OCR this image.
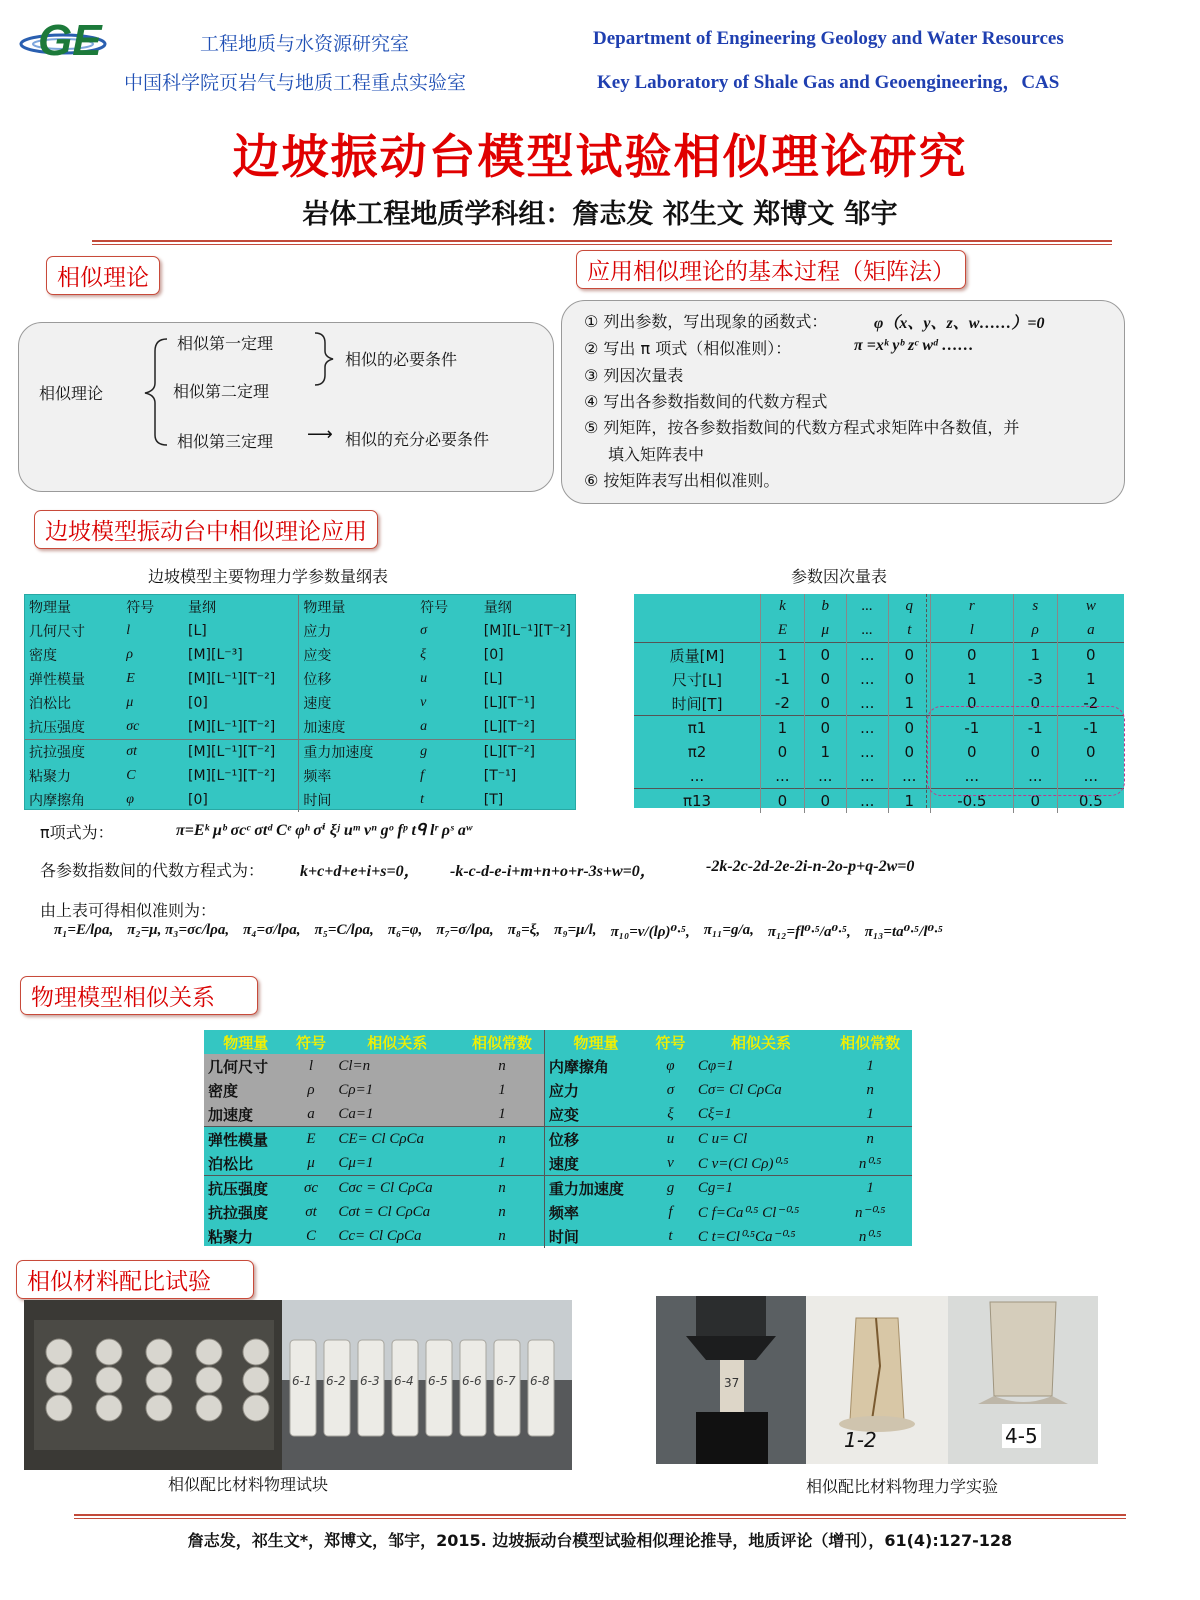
GE	工程地质与水资源研究室
中国科学院页岩气与地质工程重点实验室
Department of Engineering Geology and Water Resources
Key Laboratory of Shale Gas and Geoengineering，CAS
边坡振动台模型试验相似理论研究
岩体工程地质学科组：詹志发 祁生文 郑博文 邹宇
相似理论
相似理论
相似第一定理
相似第二定理
相似第三定理
相似的必要条件
⟶ 相似的充分必要条件
应用相似理论的基本过程（矩阵法）
① 列出参数，写出现象的函数式：	φ（x、y、z、w……）=0
② 写出 π 项式（相似准则）：	π =xᵏ yᵇ zᶜ wᵈ ……
③ 列因次量表
④ 写出各参数指数间的代数方程式
⑤ 列矩阵，按各参数指数间的代数方程式求矩阵中各数值，并
填入矩阵表中
⑥ 按矩阵表写出相似准则。
边坡模型振动台中相似理论应用
边坡模型主要物理力学参数量纲表
物理量	符号	量纲	物理量	符号	量纲
几何尺寸	l	[L]	应力	σ	[M][L⁻¹][T⁻²]
密度	ρ	[M][L⁻³]	应变	ξ	[0]
弹性模量	E	[M][L⁻¹][T⁻²]	位移	u	[L]
泊松比	μ	[0]	速度	v	[L][T⁻¹]
抗压强度	σc	[M][L⁻¹][T⁻²]	加速度	a	[L][T⁻²]
抗拉强度	σt	[M][L⁻¹][T⁻²]	重力加速度	g	[L][T⁻²]
粘聚力	C	[M][L⁻¹][T⁻²]	频率	f	[T⁻¹]
内摩擦角	φ	[0]	时间	t	[T]
参数因次量表
	k	b	...	q	r	s	w
	E	μ	...	t	l	ρ	a
质量[M]	1	0	...	0	0	1	0
尺寸[L]	-1	0	...	0	1	-3	1
时间[T]	-2	0	...	1	0	0	-2
π1	1	0	...	0	-1	-1	-1
π2	0	1	...	0	0	0	0
...	...	...	...	...	...	...	...
π13	0	0	...	1	-0.5	0	0.5
π项式为：	π=Eᵏ μᵇ σcᶜ σtᵈ Cᵉ φʰ σⁱ ξʲ uᵐ vⁿ gᵒ fᵖ tᑫ lʳ ρˢ aʷ
各参数指数间的代数方程式为： k+c+d+e+i+s=0， -k-c-d-e-i+m+n+o+r-3s+w=0，	-2k-2c-2d-2e-2i-n-2o-p+q-2w=0
由上表可得相似准则为：
π₁=E/lρa, π₂=μ, π₃=σc/lρa, π₄=σ/lρa, π₅=C/lρa, π₆=φ, π₇=σ/lρa, π₈=ξ, π₉=μ/l, π₁₀=v/(lρ)⁰·⁵, π₁₁=g/a, π₁₂=fl⁰·⁵/a⁰·⁵, π₁₃=ta⁰·⁵/l⁰·⁵
物理模型相似关系
物理量	符号	相似关系	相似常数	物理量	符号	相似关系	相似常数
几何尺寸	l	Cl=n	n	内摩擦角	φ	Cφ=1	1
密度	ρ	Cρ=1	1	应力	σ	Cσ= Cl CρCa	n
加速度	a	Ca=1	1	应变	ξ	Cξ=1	1
弹性模量	E	CE= Cl CρCa	n	位移	u	C u= Cl	n
泊松比	μ	Cμ=1	1	速度	v	C v=(Cl Cρ)⁰·⁵	n⁰·⁵
抗压强度	σc	Cσc = Cl CρCa	n	重力加速度	g	Cg=1	1
抗拉强度	σt	Cσt = Cl CρCa	n	频率	f	C f=Ca⁰·⁵ Cl⁻⁰·⁵	n⁻⁰·⁵
粘聚力	C	Cc= Cl CρCa	n	时间	t	C t=Cl⁰·⁵Ca⁻⁰·⁵	n⁰·⁵
相似材料配比试验
6-1 6-2 6-3 6-4 6-5 6-6 6-7 6-8	37
1-2	4-5
相似配比材料物理试块	相似配比材料物理力学实验
詹志发，祁生文*，郑博文，邹宇，2015. 边坡振动台模型试验相似理论推导，地质评论（增刊），61(4):127-128
